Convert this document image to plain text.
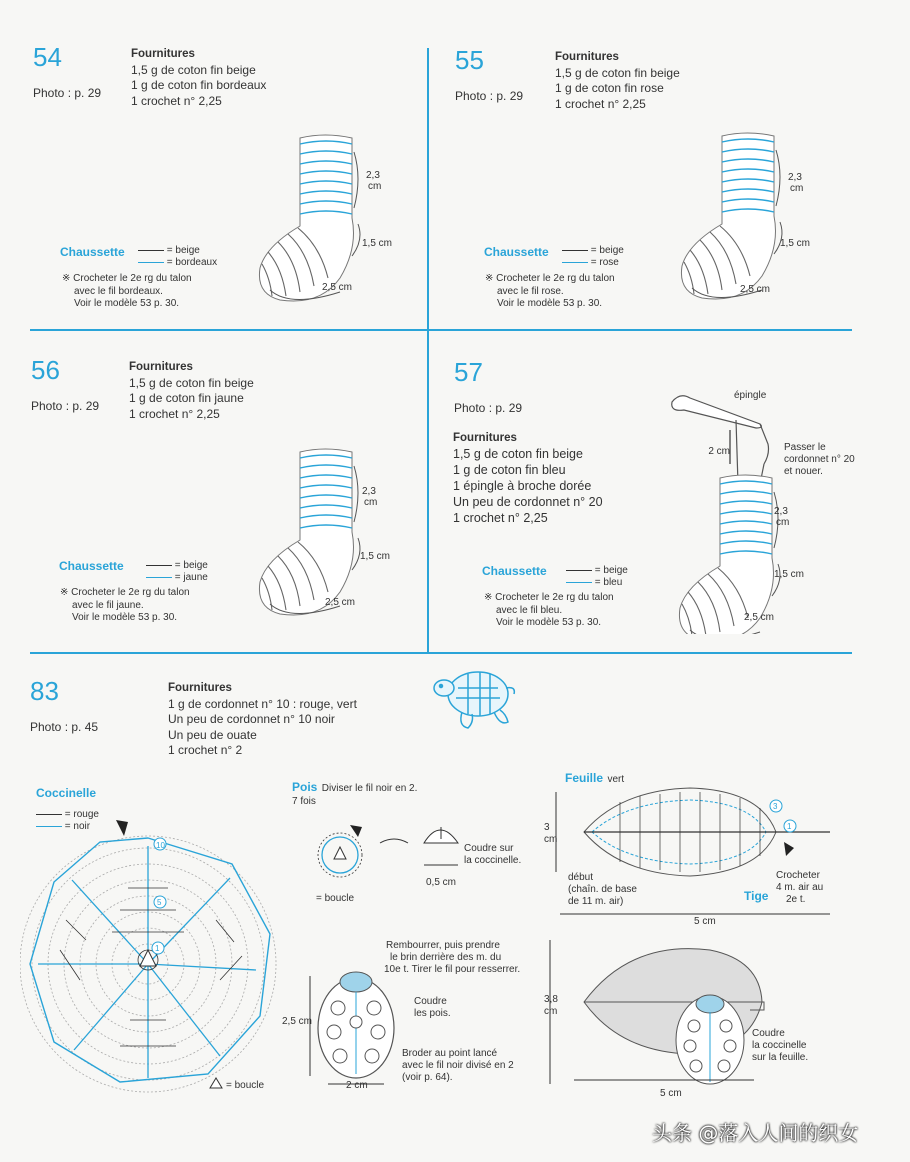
54
Photo : p. 29
Fournitures
1,5 g de coton fin beige
1 g de coton fin bordeaux
1 crochet n° 2,25
Chaussette	= beige
= bordeaux
※ Crocheter le 2e rg du talon
avec le fil bordeaux.
Voir le modèle 53 p. 30.
2,3
cm
1,5 cm
2,5 cm
55
Photo : p. 29
Fournitures
1,5 g de coton fin beige
1 g de coton fin rose
1 crochet n° 2,25
Chaussette	= beige
= rose
※ Crocheter le 2e rg du talon
avec le fil rose.
Voir le modèle 53 p. 30.
2,3
cm
1,5 cm
2,5 cm
56
Photo : p. 29
Fournitures
1,5 g de coton fin beige
1 g de coton fin jaune
1 crochet n° 2,25
Chaussette	= beige
= jaune
※ Crocheter le 2e rg du talon
avec le fil jaune.
Voir le modèle 53 p. 30.
2,3
cm
1,5 cm
2,5 cm
57
Photo : p. 29
Fournitures
1,5 g de coton fin beige
1 g de coton fin bleu
1 épingle à broche dorée
Un peu de cordonnet n° 20
1 crochet n° 2,25
Chaussette	= beige
= bleu
※ Crocheter le 2e rg du talon
avec le fil bleu.
Voir le modèle 53 p. 30.
épingle
2 cm	Passer le
cordonnet n° 20
et nouer.
2,3
cm
1,5 cm
2,5 cm
83
Photo : p. 45
Fournitures
1 g de cordonnet n° 10 : rouge, vert
Un peu de cordonnet n° 10 noir
Un peu de ouate
1 crochet n° 2
Coccinelle
= rouge
= noir
10
5
1
= boucle
Pois Diviser le fil noir en 2.
7 fois
= boucle
Coudre sur
la coccinelle.
0,5 cm
2,5 cm
2 cm
Rembourrer, puis prendre
le brin derrière des m. du
10e t. Tirer le fil pour resserrer.
Coudre
les pois.
Broder au point lancé
avec le fil noir divisé en 2
(voir p. 64).
Feuille vert
3
1
3
cm
début
(chaîn. de base
de 11 m. air)
Crocheter
4 m. air au
2e t.
Tige
5 cm
3,8
cm
5 cm
Coudre
la coccinelle
sur la feuille.
头条 @落入人间的织女
